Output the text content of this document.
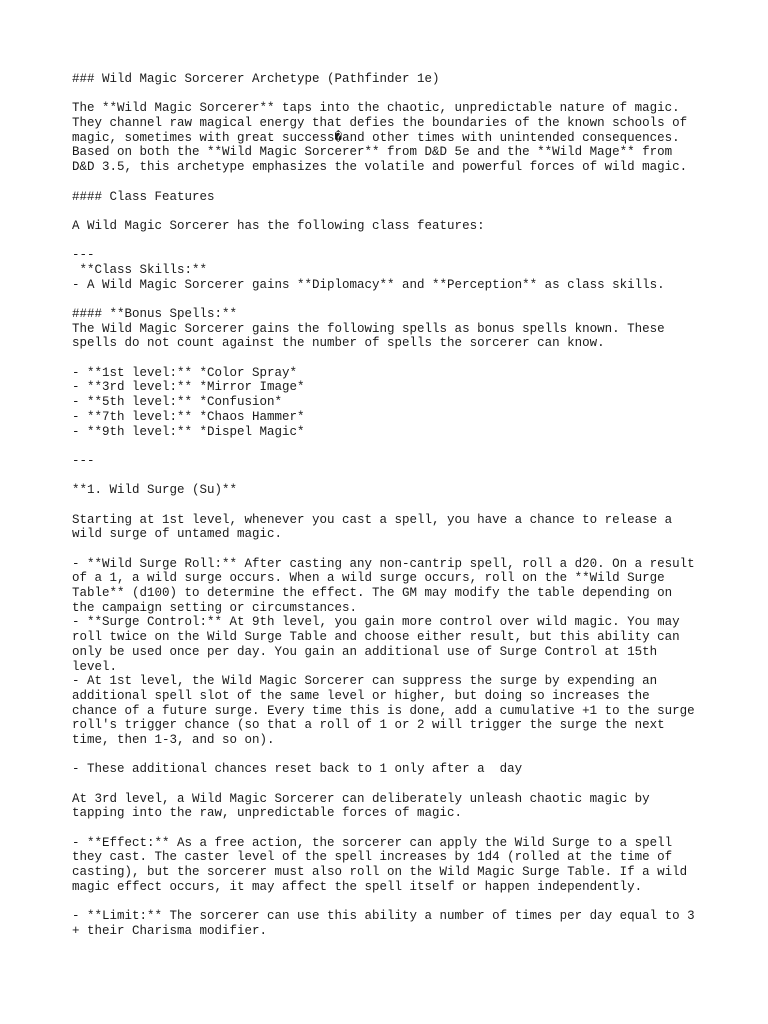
### Wild Magic Sorcerer Archetype (Pathfinder 1e)
The **Wild Magic Sorcerer** taps into the chaotic, unpredictable nature of magic.
They channel raw magical energy that defies the boundaries of the known schools of
magic, sometimes with great success�and other times with unintended consequences.
Based on both the **Wild Magic Sorcerer** from D&D 5e and the **Wild Mage** from
D&D 3.5, this archetype emphasizes the volatile and powerful forces of wild magic.
#### Class Features
A Wild Magic Sorcerer has the following class features:
---
**Class Skills:**
- A Wild Magic Sorcerer gains **Diplomacy** and **Perception** as class skills.
#### **Bonus Spells:**
The Wild Magic Sorcerer gains the following spells as bonus spells known. These
spells do not count against the number of spells the sorcerer can know.
- **1st level:** *Color Spray*
- **3rd level:** *Mirror Image*
- **5th level:** *Confusion*
- **7th level:** *Chaos Hammer*
- **9th level:** *Dispel Magic*
---
**1. Wild Surge (Su)**
Starting at 1st level, whenever you cast a spell, you have a chance to release a
wild surge of untamed magic.
- **Wild Surge Roll:** After casting any non-cantrip spell, roll a d20. On a result
of a 1, a wild surge occurs. When a wild surge occurs, roll on the **Wild Surge
Table** (d100) to determine the effect. The GM may modify the table depending on
the campaign setting or circumstances.
- **Surge Control:** At 9th level, you gain more control over wild magic. You may
roll twice on the Wild Surge Table and choose either result, but this ability can
only be used once per day. You gain an additional use of Surge Control at 15th
level.
- At 1st level, the Wild Magic Sorcerer can suppress the surge by expending an
additional spell slot of the same level or higher, but doing so increases the
chance of a future surge. Every time this is done, add a cumulative +1 to the surge
roll's trigger chance (so that a roll of 1 or 2 will trigger the surge the next
time, then 1-3, and so on).
- These additional chances reset back to 1 only after a  day
At 3rd level, a Wild Magic Sorcerer can deliberately unleash chaotic magic by
tapping into the raw, unpredictable forces of magic.
- **Effect:** As a free action, the sorcerer can apply the Wild Surge to a spell
they cast. The caster level of the spell increases by 1d4 (rolled at the time of
casting), but the sorcerer must also roll on the Wild Magic Surge Table. If a wild
magic effect occurs, it may affect the spell itself or happen independently.
- **Limit:** The sorcerer can use this ability a number of times per day equal to 3
+ their Charisma modifier.
